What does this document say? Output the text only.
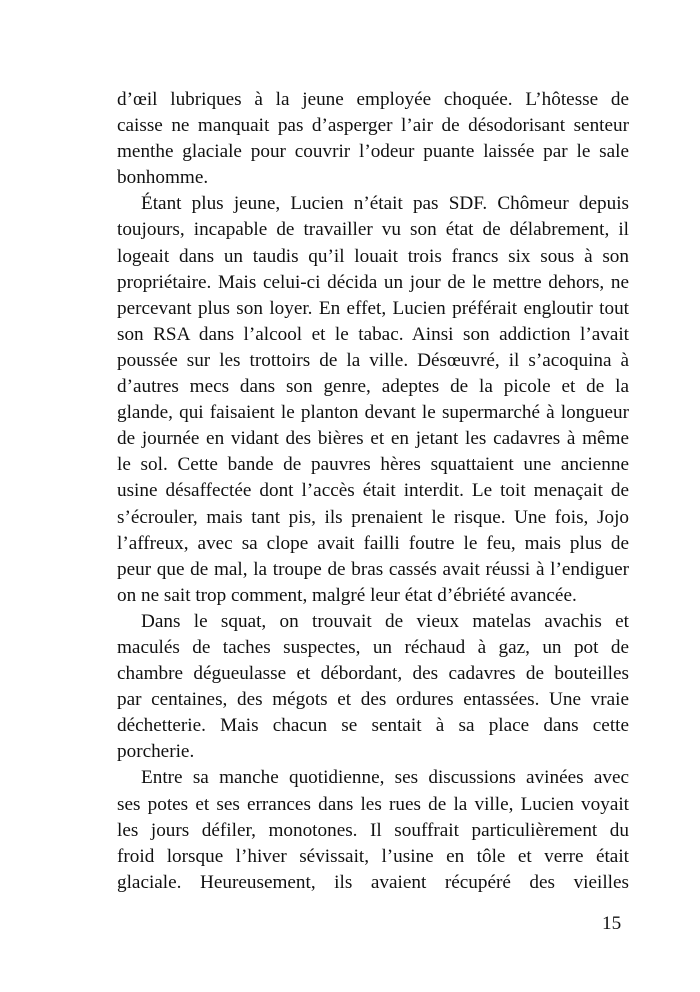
d’œil lubriques à la jeune employée choquée. L’hôtesse de
caisse ne manquait pas d’asperger l’air de désodorisant senteur
menthe glaciale pour couvrir l’odeur puante laissée par le sale
bonhomme.
Étant plus jeune, Lucien n’était pas SDF. Chômeur depuis
toujours, incapable de travailler vu son état de délabrement, il
logeait dans un taudis qu’il louait trois francs six sous à son
propriétaire. Mais celui-ci décida un jour de le mettre dehors, ne
percevant plus son loyer. En effet, Lucien préférait engloutir tout
son RSA dans l’alcool et le tabac. Ainsi son addiction l’avait
poussée sur les trottoirs de la ville. Désœuvré, il s’acoquina à
d’autres mecs dans son genre, adeptes de la picole et de la
glande, qui faisaient le planton devant le supermarché à longueur
de journée en vidant des bières et en jetant les cadavres à même
le sol. Cette bande de pauvres hères squattaient une ancienne
usine désaffectée dont l’accès était interdit. Le toit menaçait de
s’écrouler, mais tant pis, ils prenaient le risque. Une fois, Jojo
l’affreux, avec sa clope avait failli foutre le feu, mais plus de
peur que de mal, la troupe de bras cassés avait réussi à l’endiguer
on ne sait trop comment, malgré leur état d’ébriété avancée.
Dans le squat, on trouvait de vieux matelas avachis et
maculés de taches suspectes, un réchaud à gaz, un pot de
chambre dégueulasse et débordant, des cadavres de bouteilles
par centaines, des mégots et des ordures entassées. Une vraie
déchetterie. Mais chacun se sentait à sa place dans cette
porcherie.
Entre sa manche quotidienne, ses discussions avinées avec
ses potes et ses errances dans les rues de la ville, Lucien voyait
les jours défiler, monotones. Il souffrait particulièrement du
froid lorsque l’hiver sévissait, l’usine en tôle et verre était
glaciale. Heureusement, ils avaient récupéré des vieilles
15
